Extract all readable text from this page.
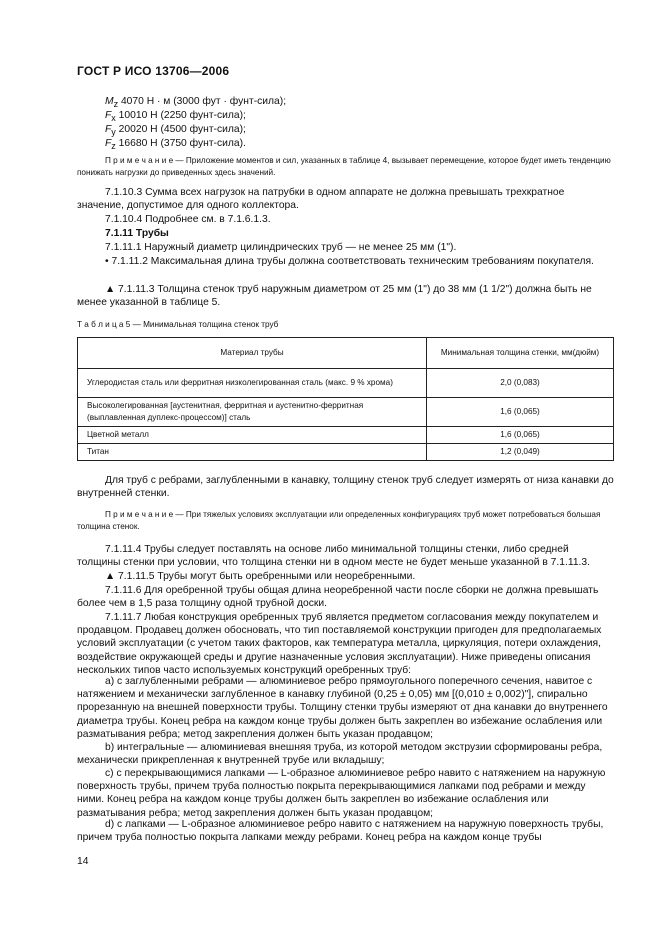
ГОСТ Р ИСО 13706—2006
$M_z$ 4070 Н · м (3000 фут · фунт-сила);
$F_x$ 10010 Н (2250 фунт-сила);
$F_y$ 20020 Н (4500 фунт-сила);
$F_z$ 16680 Н (3750 фунт-сила).
П р и м е ч а н и е — Приложение моментов и сил, указанных в таблице 4, вызывает перемещение, которое будет иметь тенденцию понижать нагрузки до приведенных здесь значений.
7.1.10.3 Сумма всех нагрузок на патрубки в одном аппарате не должна превышать трехкратное значение, допустимое для одного коллектора.
7.1.10.4 Подробнее см. в 7.1.6.1.3.
7.1.11 Трубы
7.1.11.1 Наружный диаметр цилиндрических труб — не менее 25 мм (1").
• 7.1.11.2 Максимальная длина трубы должна соответствовать техническим требованиям покупателя.
▲ 7.1.11.3 Толщина стенок труб наружным диаметром от 25 мм (1") до 38 мм (1 1/2") должна быть не менее указанной в таблице 5.
Т а б л и ц а 5 — Минимальная толщина стенок труб
Материал трубы	Минимальная толщина стенки, мм(дюйм)
Углеродистая сталь или ферритная низколегированная сталь (макс. 9 % хрома)	2,0 (0,083)
Высоколегированная [аустенитная, ферритная и аустенитно-ферритная (выплавленная дуплекс-процессом)] сталь	1,6 (0,065)
Цветной металл	1,6 (0,065)
Титан	1,2 (0,049)
Для труб с ребрами, заглубленными в канавку, толщину стенок труб следует измерять от низа канавки до внутренней стенки.
П р и м е ч а н и е — При тяжелых условиях эксплуатации или определенных конфигурациях труб может потребоваться большая толщина стенок.
7.1.11.4 Трубы следует поставлять на основе либо минимальной толщины стенки, либо средней толщины стенки при условии, что толщина стенки ни в одном месте не будет меньше указанной в 7.1.11.3.
▲ 7.1.11.5 Трубы могут быть оребренными или неоребренными.
7.1.11.6 Для оребренной трубы общая длина неоребренной части после сборки не должна превышать более чем в 1,5 раза толщину одной трубной доски.
7.1.11.7 Любая конструкция оребренных труб является предметом согласования между покупателем и продавцом. Продавец должен обосновать, что тип поставляемой конструкции пригоден для предполагаемых условий эксплуатации (с учетом таких факторов, как температура металла, циркуляция, потери охлаждения, воздействие окружающей среды и другие назначенные условия эксплуатации). Ниже приведены описания нескольких типов часто используемых конструкций оребренных труб:
а) с заглубленными ребрами — алюминиевое ребро прямоугольного поперечного сечения, навитое с натяжением и механически заглубленное в канавку глубиной (0,25 ± 0,05) мм [(0,010 ± 0,002)"], спирально прорезанную на внешней поверхности трубы. Толщину стенки трубы измеряют от дна канавки до внутреннего диаметра трубы. Конец ребра на каждом конце трубы должен быть закреплен во избежание ослабления или разматывания ребра; метод закрепления должен быть указан продавцом;
b) интегральные — алюминиевая внешняя труба, из которой методом экструзии сформированы ребра, механически прикрепленная к внутренней трубе или вкладышу;
с) с перекрывающимися лапками — L-образное алюминиевое ребро навито с натяжением на наружную поверхность трубы, причем труба полностью покрыта перекрывающимися лапками под ребрами и между ними. Конец ребра на каждом конце трубы должен быть закреплен во избежание ослабления или разматывания ребра; метод закрепления должен быть указан продавцом;
d) с лапками — L-образное алюминиевое ребро навито с натяжением на наружную поверхность трубы, причем труба полностью покрыта лапками между ребрами. Конец ребра на каждом конце трубы
14
